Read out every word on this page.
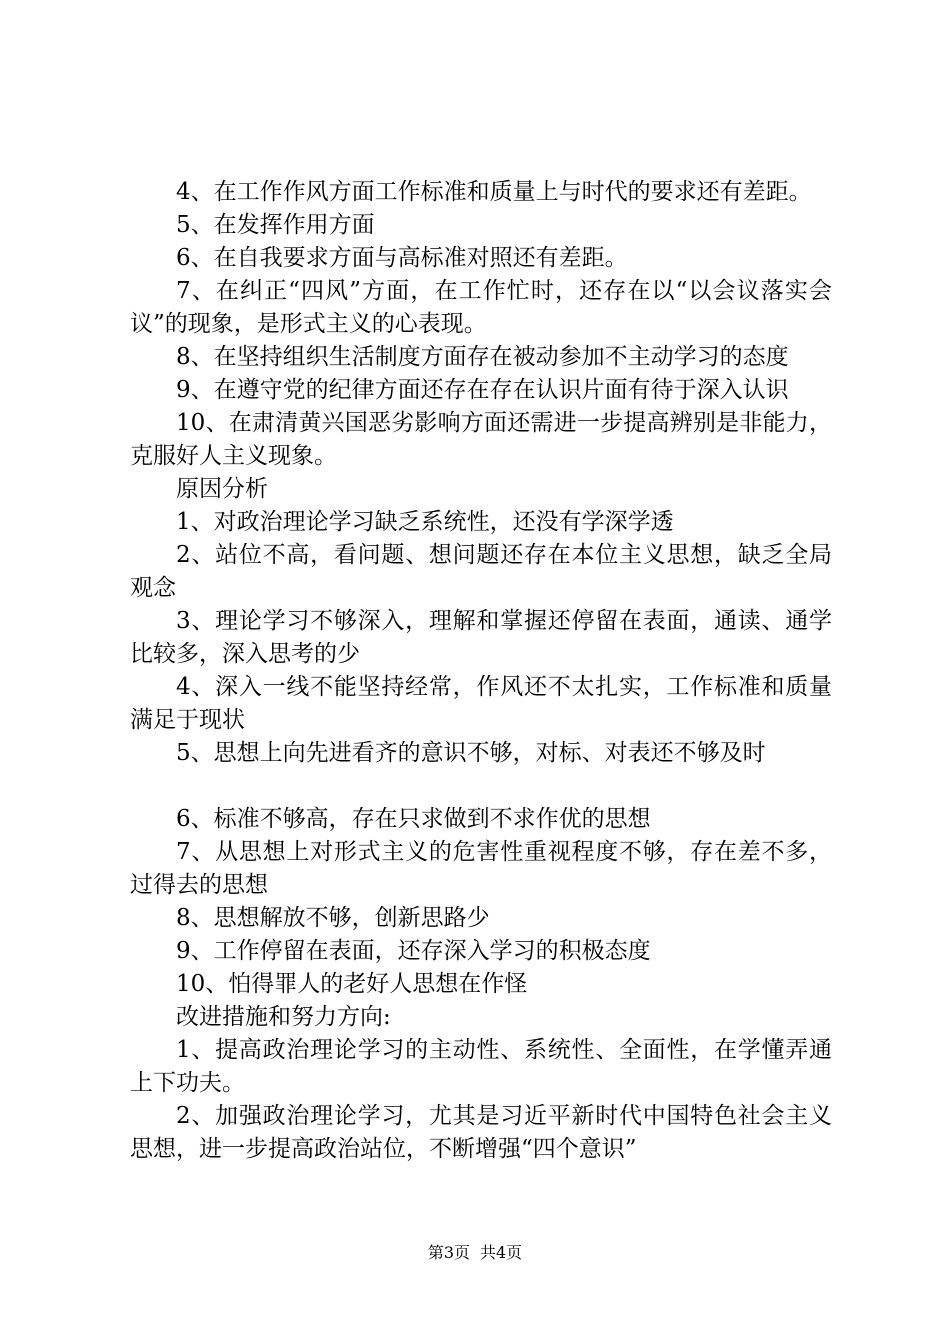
4、在工作作风方面工作标准和质量上与时代的要求还有差距。

5、在发挥作用方面

6、在自我要求方面与高标准对照还有差距。

7、在纠正“四风”方面，在工作忙时，还存在以“以会议落实会议”的现象，是形式主义的心表现。

8、在坚持组织生活制度方面存在被动参加不主动学习的态度

9、在遵守党的纪律方面还存在存在认识片面有待于深入认识

10、在肃清黄兴国恶劣影响方面还需进一步提高辨别是非能力，克服好人主义现象。

原因分析

1、对政治理论学习缺乏系统性，还没有学深学透

2、站位不高，看问题、想问题还存在本位主义思想，缺乏全局观念

3、理论学习不够深入，理解和掌握还停留在表面，通读、通学比较多，深入思考的少

4、深入一线不能坚持经常，作风还不太扎实，工作标准和质量满足于现状

5、思想上向先进看齐的意识不够，对标、对表还不够及时

6、标准不够高，存在只求做到不求作优的思想

7、从思想上对形式主义的危害性重视程度不够，存在差不多，过得去的思想

8、思想解放不够，创新思路少

9、工作停留在表面，还存深入学习的积极态度

10、怕得罪人的老好人思想在作怪

改进措施和努力方向:

1、提高政治理论学习的主动性、系统性、全面性，在学懂弄通上下功夫。

2、加强政治理论学习，尤其是习近平新时代中国特色社会主义思想，进一步提高政治站位，不断增强“四个意识”

第3页 共4页
